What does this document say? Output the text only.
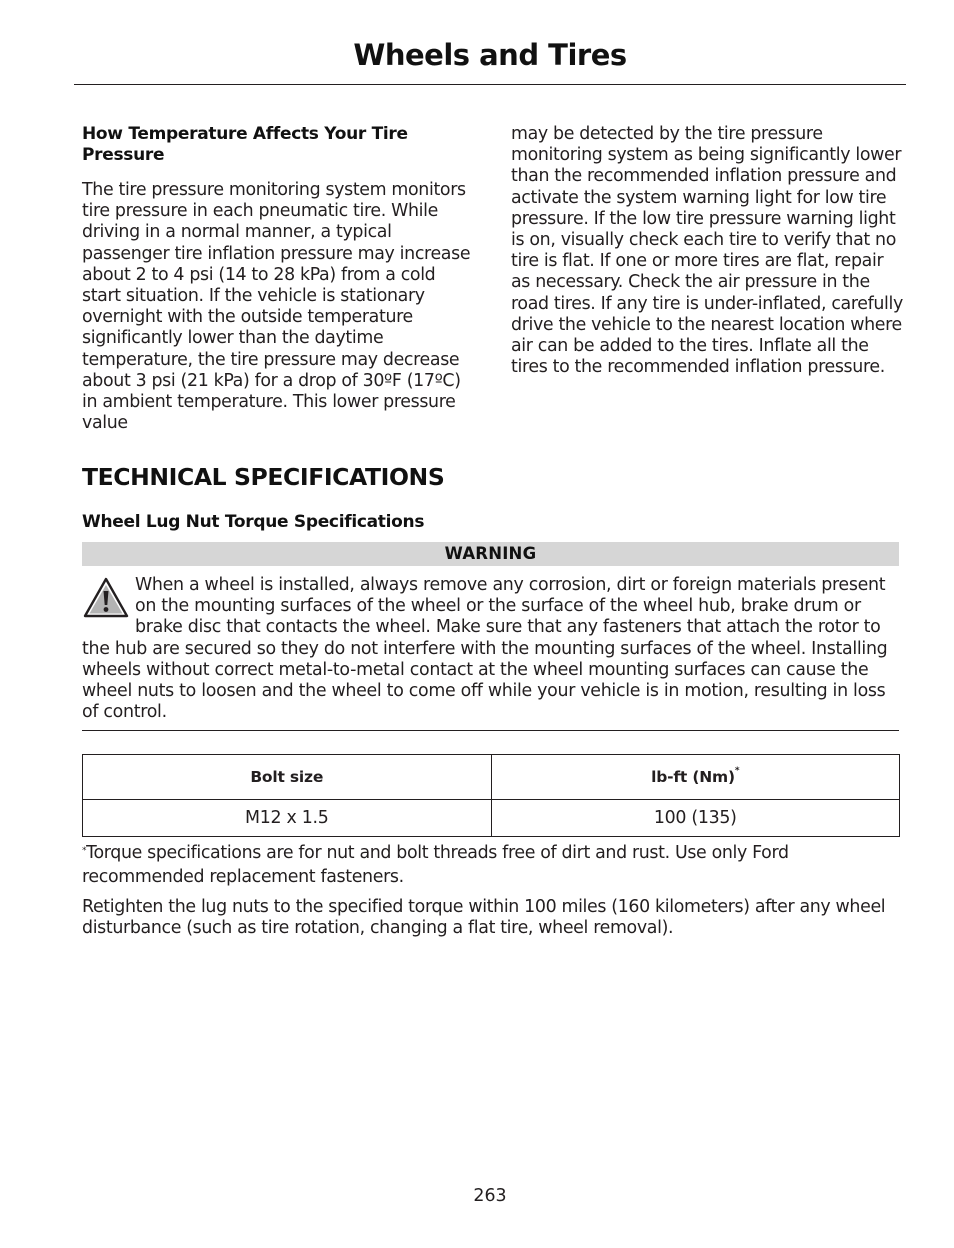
Wheels and Tires

How Temperature Affects Your Tire Pressure

The tire pressure monitoring system monitors tire pressure in each pneumatic tire. While driving in a normal manner, a typical passenger tire inflation pressure may increase about 2 to 4 psi (14 to 28 kPa) from a cold start situation. If the vehicle is stationary overnight with the outside temperature significantly lower than the daytime temperature, the tire pressure may decrease about 3 psi (21 kPa) for a drop of 30ºF (17ºC) in ambient temperature. This lower pressure value

may be detected by the tire pressure monitoring system as being significantly lower than the recommended inflation pressure and activate the system warning light for low tire pressure. If the low tire pressure warning light is on, visually check each tire to verify that no tire is flat. If one or more tires are flat, repair as necessary. Check the air pressure in the road tires. If any tire is under-inflated, carefully drive the vehicle to the nearest location where air can be added to the tires. Inflate all the tires to the recommended inflation pressure.

TECHNICAL SPECIFICATIONS
Wheel Lug Nut Torque Specifications
WARNING

When a wheel is installed, always remove any corrosion, dirt or foreign materials present on the mounting surfaces of the wheel or the surface of the wheel hub, brake drum or brake disc that contacts the wheel. Make sure that any fasteners that attach the rotor to the hub are secured so they do not interfere with the mounting surfaces of the wheel. Installing wheels without correct metal-to-metal contact at the wheel mounting surfaces can cause the wheel nuts to loosen and the wheel to come off while your vehicle is in motion, resulting in loss of control.

Bolt size	lb-ft (Nm)*
M12 x 1.5	100 (135)

*Torque specifications are for nut and bolt threads free of dirt and rust. Use only Ford recommended replacement fasteners.

Retighten the lug nuts to the specified torque within 100 miles (160 kilometers) after any wheel disturbance (such as tire rotation, changing a flat tire, wheel removal).

263
